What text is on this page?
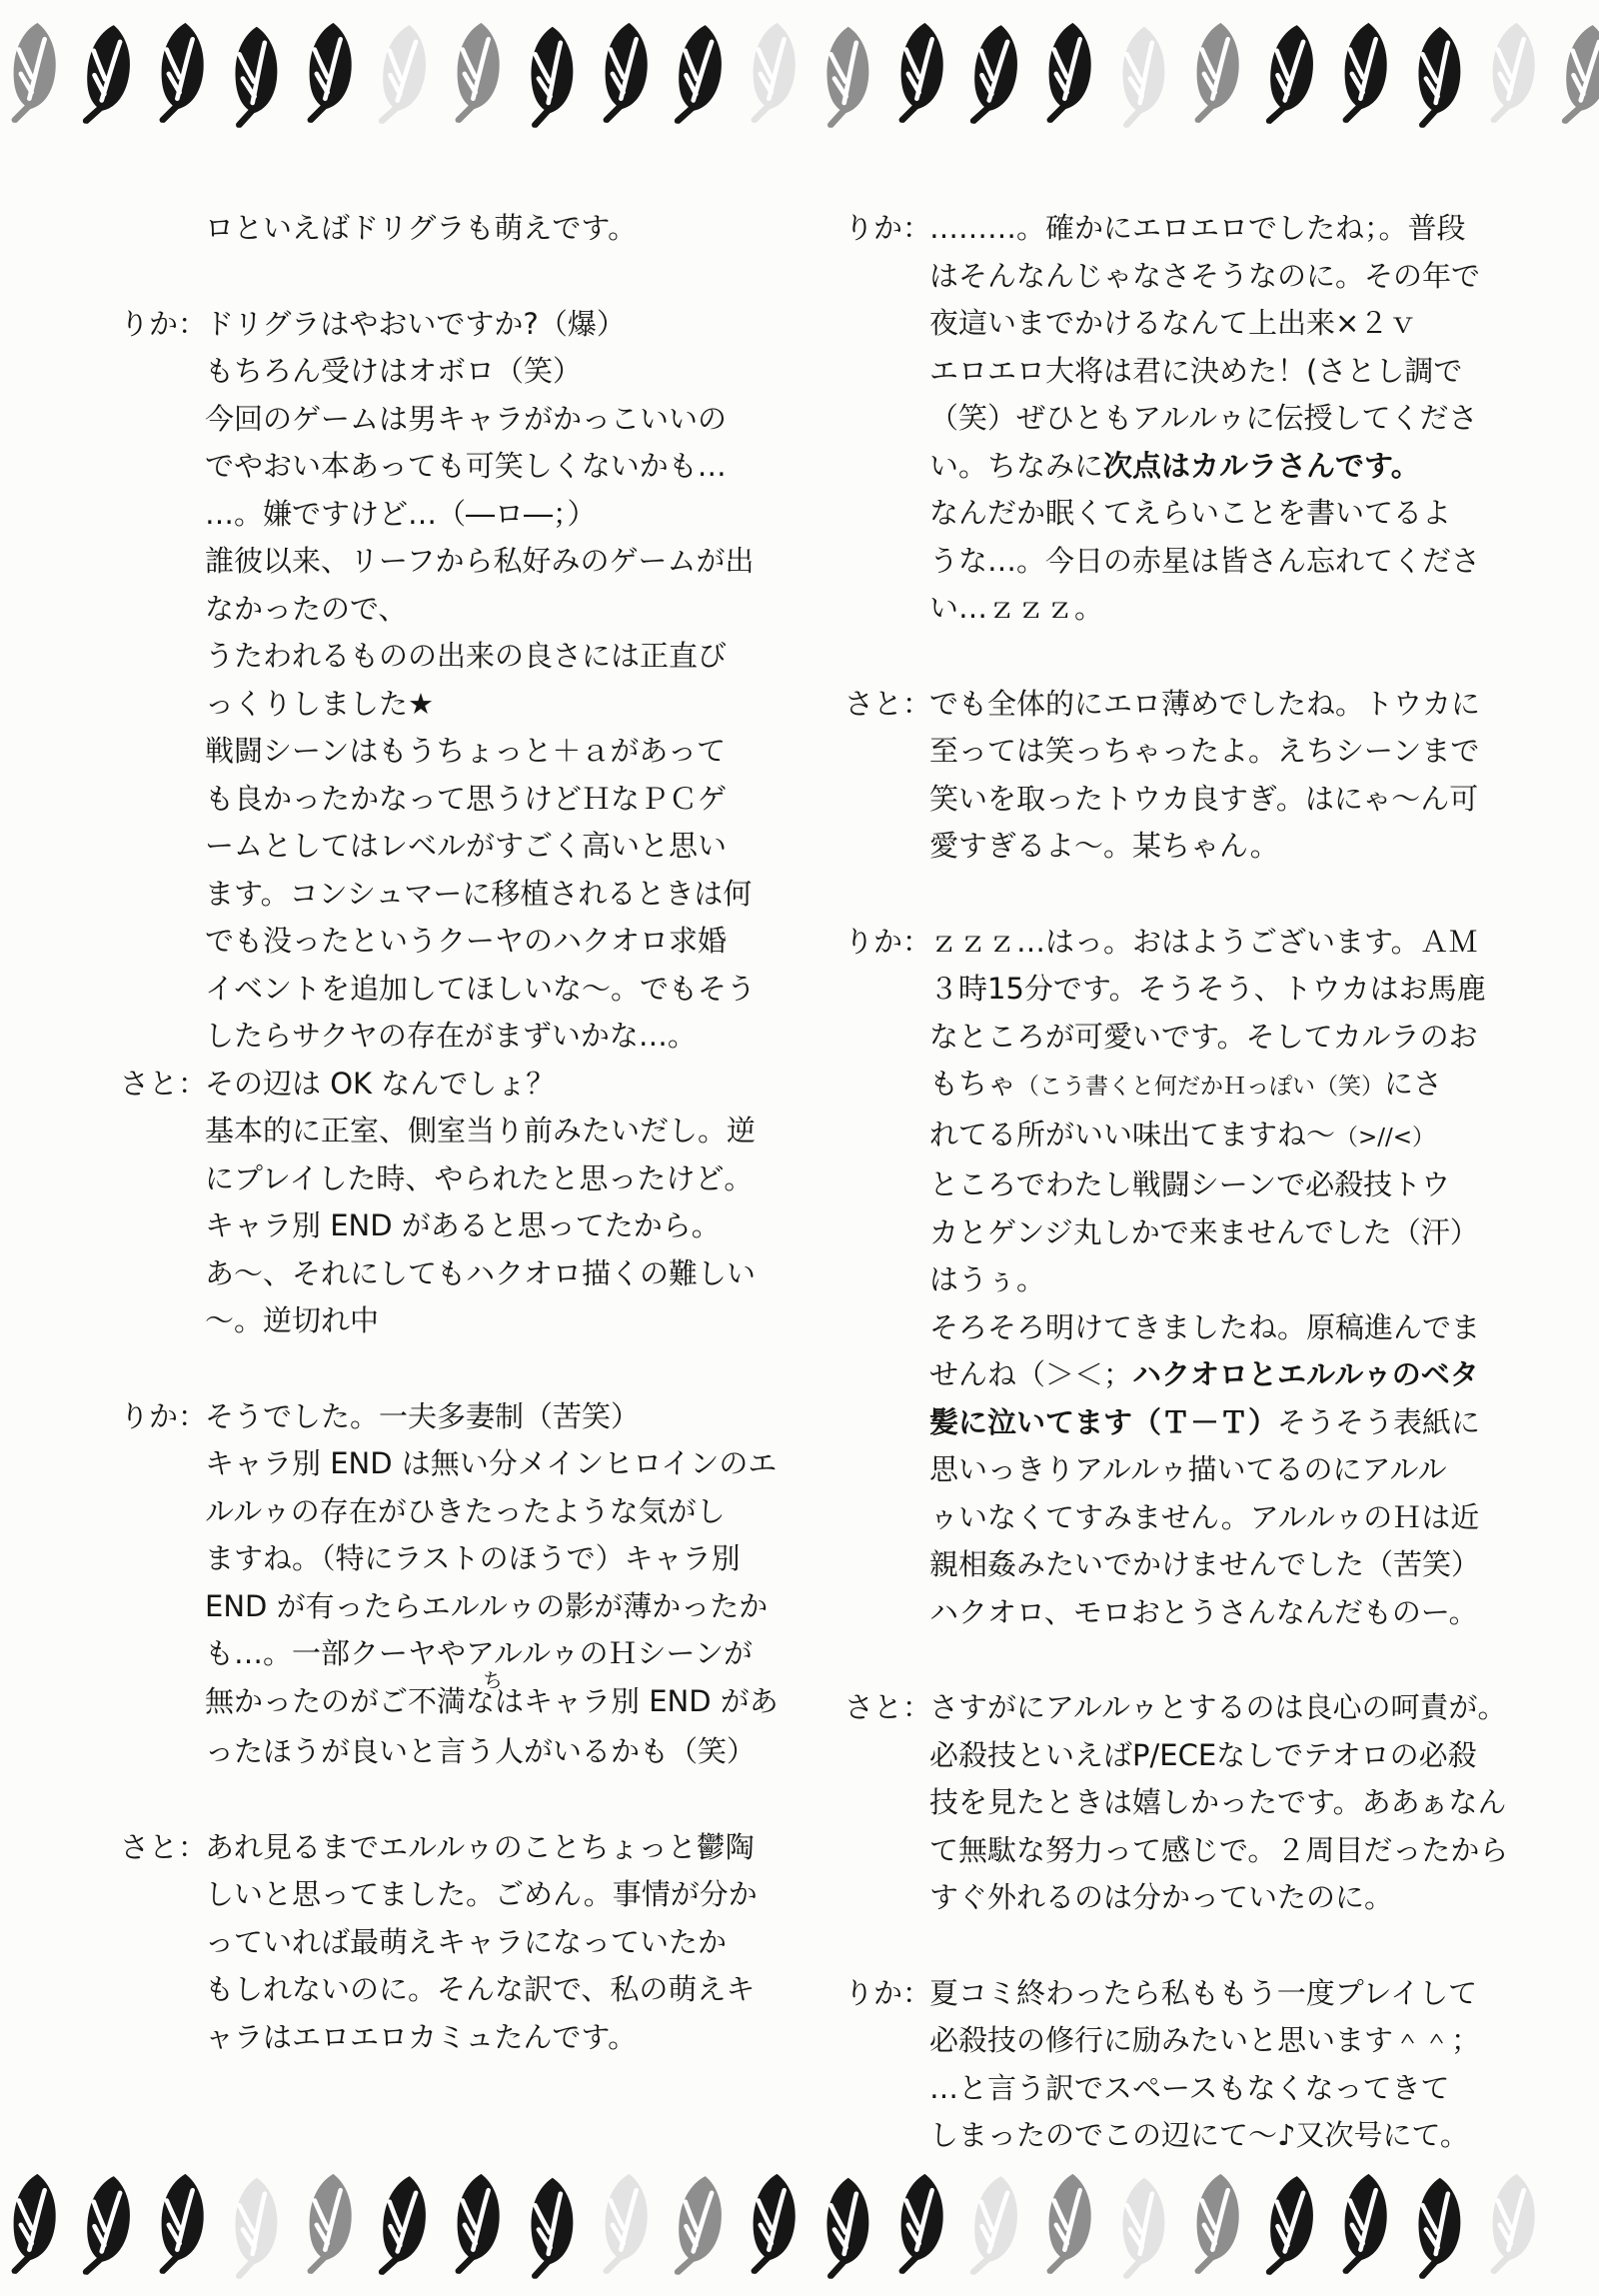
ロといえばドリグラも萌えです。
りか：
ドリグラはやおいですか?（爆）
もちろん受けはオボロ（笑）
今回のゲームは男キャラがかっこいいの
でやおい本あっても可笑しくないかも…
…。嫌ですけど…（―ロ―；）
誰彼以来、リーフから私好みのゲームが出
なかったので、
うたわれるものの出来の良さには正直び
っくりしました★
戦闘シーンはもうちょっと＋ａがあって
も良かったかなって思うけどＨなＰＣゲ
ームとしてはレベルがすごく高いと思い
ます。コンシュマーに移植されるときは何
でも没ったというクーヤのハクオロ求婚
イベントを追加してほしいな～。でもそう
したらサクヤの存在がまずいかな…。
さと：
その辺は OK なんでしょ？
基本的に正室、側室当り前みたいだし。逆
にプレイした時、やられたと思ったけど。
キャラ別 END があると思ってたから。
あ～、それにしてもハクオロ描くの難しい
～。逆切れ中
りか：
そうでした。一夫多妻制（苦笑）
キャラ別 END は無い分メインヒロインのエ
ルルゥの存在がひきたったような気がし
ますね。（特にラストのほうで）キャラ別
END が有ったらエルルゥの影が薄かったか
も…。一部クーヤやアルルゥのＨシーンが
無かったのがご不満なちはキャラ別 END があ
ったほうが良いと言う人がいるかも（笑）
さと：
あれ見るまでエルルゥのことちょっと鬱陶
しいと思ってました。ごめん。事情が分か
っていれば最萌えキャラになっていたか
もしれないのに。そんな訳で、私の萌えキ
ャラはエロエロカミュたんです。
りか：
………。確かにエロエロでしたね；。普段
はそんなんじゃなさそうなのに。その年で
夜這いまでかけるなんて上出来×２ｖ
エロエロ大将は君に決めた！(さとし調で
（笑）ぜひともアルルゥに伝授してくださ
い。ちなみに次点はカルラさんです。
なんだか眠くてえらいことを書いてるよ
うな…。今日の赤星は皆さん忘れてくださ
い…ｚｚｚ。
さと：
でも全体的にエロ薄めでしたね。トウカに
至っては笑っちゃったよ。えちシーンまで
笑いを取ったトウカ良すぎ。はにゃ～ん可
愛すぎるよ～。某ちゃん。
りか：
ｚｚｚ…はっ。おはようございます。ＡＭ
３時15分です。そうそう、トウカはお馬鹿
なところが可愛いです。そしてカルラのお
もちゃ（こう書くと何だかＨっぽい（笑）にさ
れてる所がいい味出てますね～（>//<）
ところでわたし戦闘シーンで必殺技トウ
カとゲンジ丸しかで来ませんでした（汗）
はうぅ。
そろそろ明けてきましたね。原稿進んでま
せんね（＞＜；ハクオロとエルルゥのベタ
髪に泣いてます（Ｔ－Ｔ）そうそう表紙に
思いっきりアルルゥ描いてるのにアルル
ゥいなくてすみません。アルルゥのＨは近
親相姦みたいでかけませんでした（苦笑）
ハクオロ、モロおとうさんなんだものー。
さと：
さすがにアルルゥとするのは良心の呵責が。
必殺技といえばP/ECEなしでテオロの必殺
技を見たときは嬉しかったです。ああぁなん
て無駄な努力って感じで。２周目だったから
すぐ外れるのは分かっていたのに。
りか：
夏コミ終わったら私ももう一度プレイして
必殺技の修行に励みたいと思います＾＾；
…と言う訳でスペースもなくなってきて
しまったのでこの辺にて～♪又次号にて。
